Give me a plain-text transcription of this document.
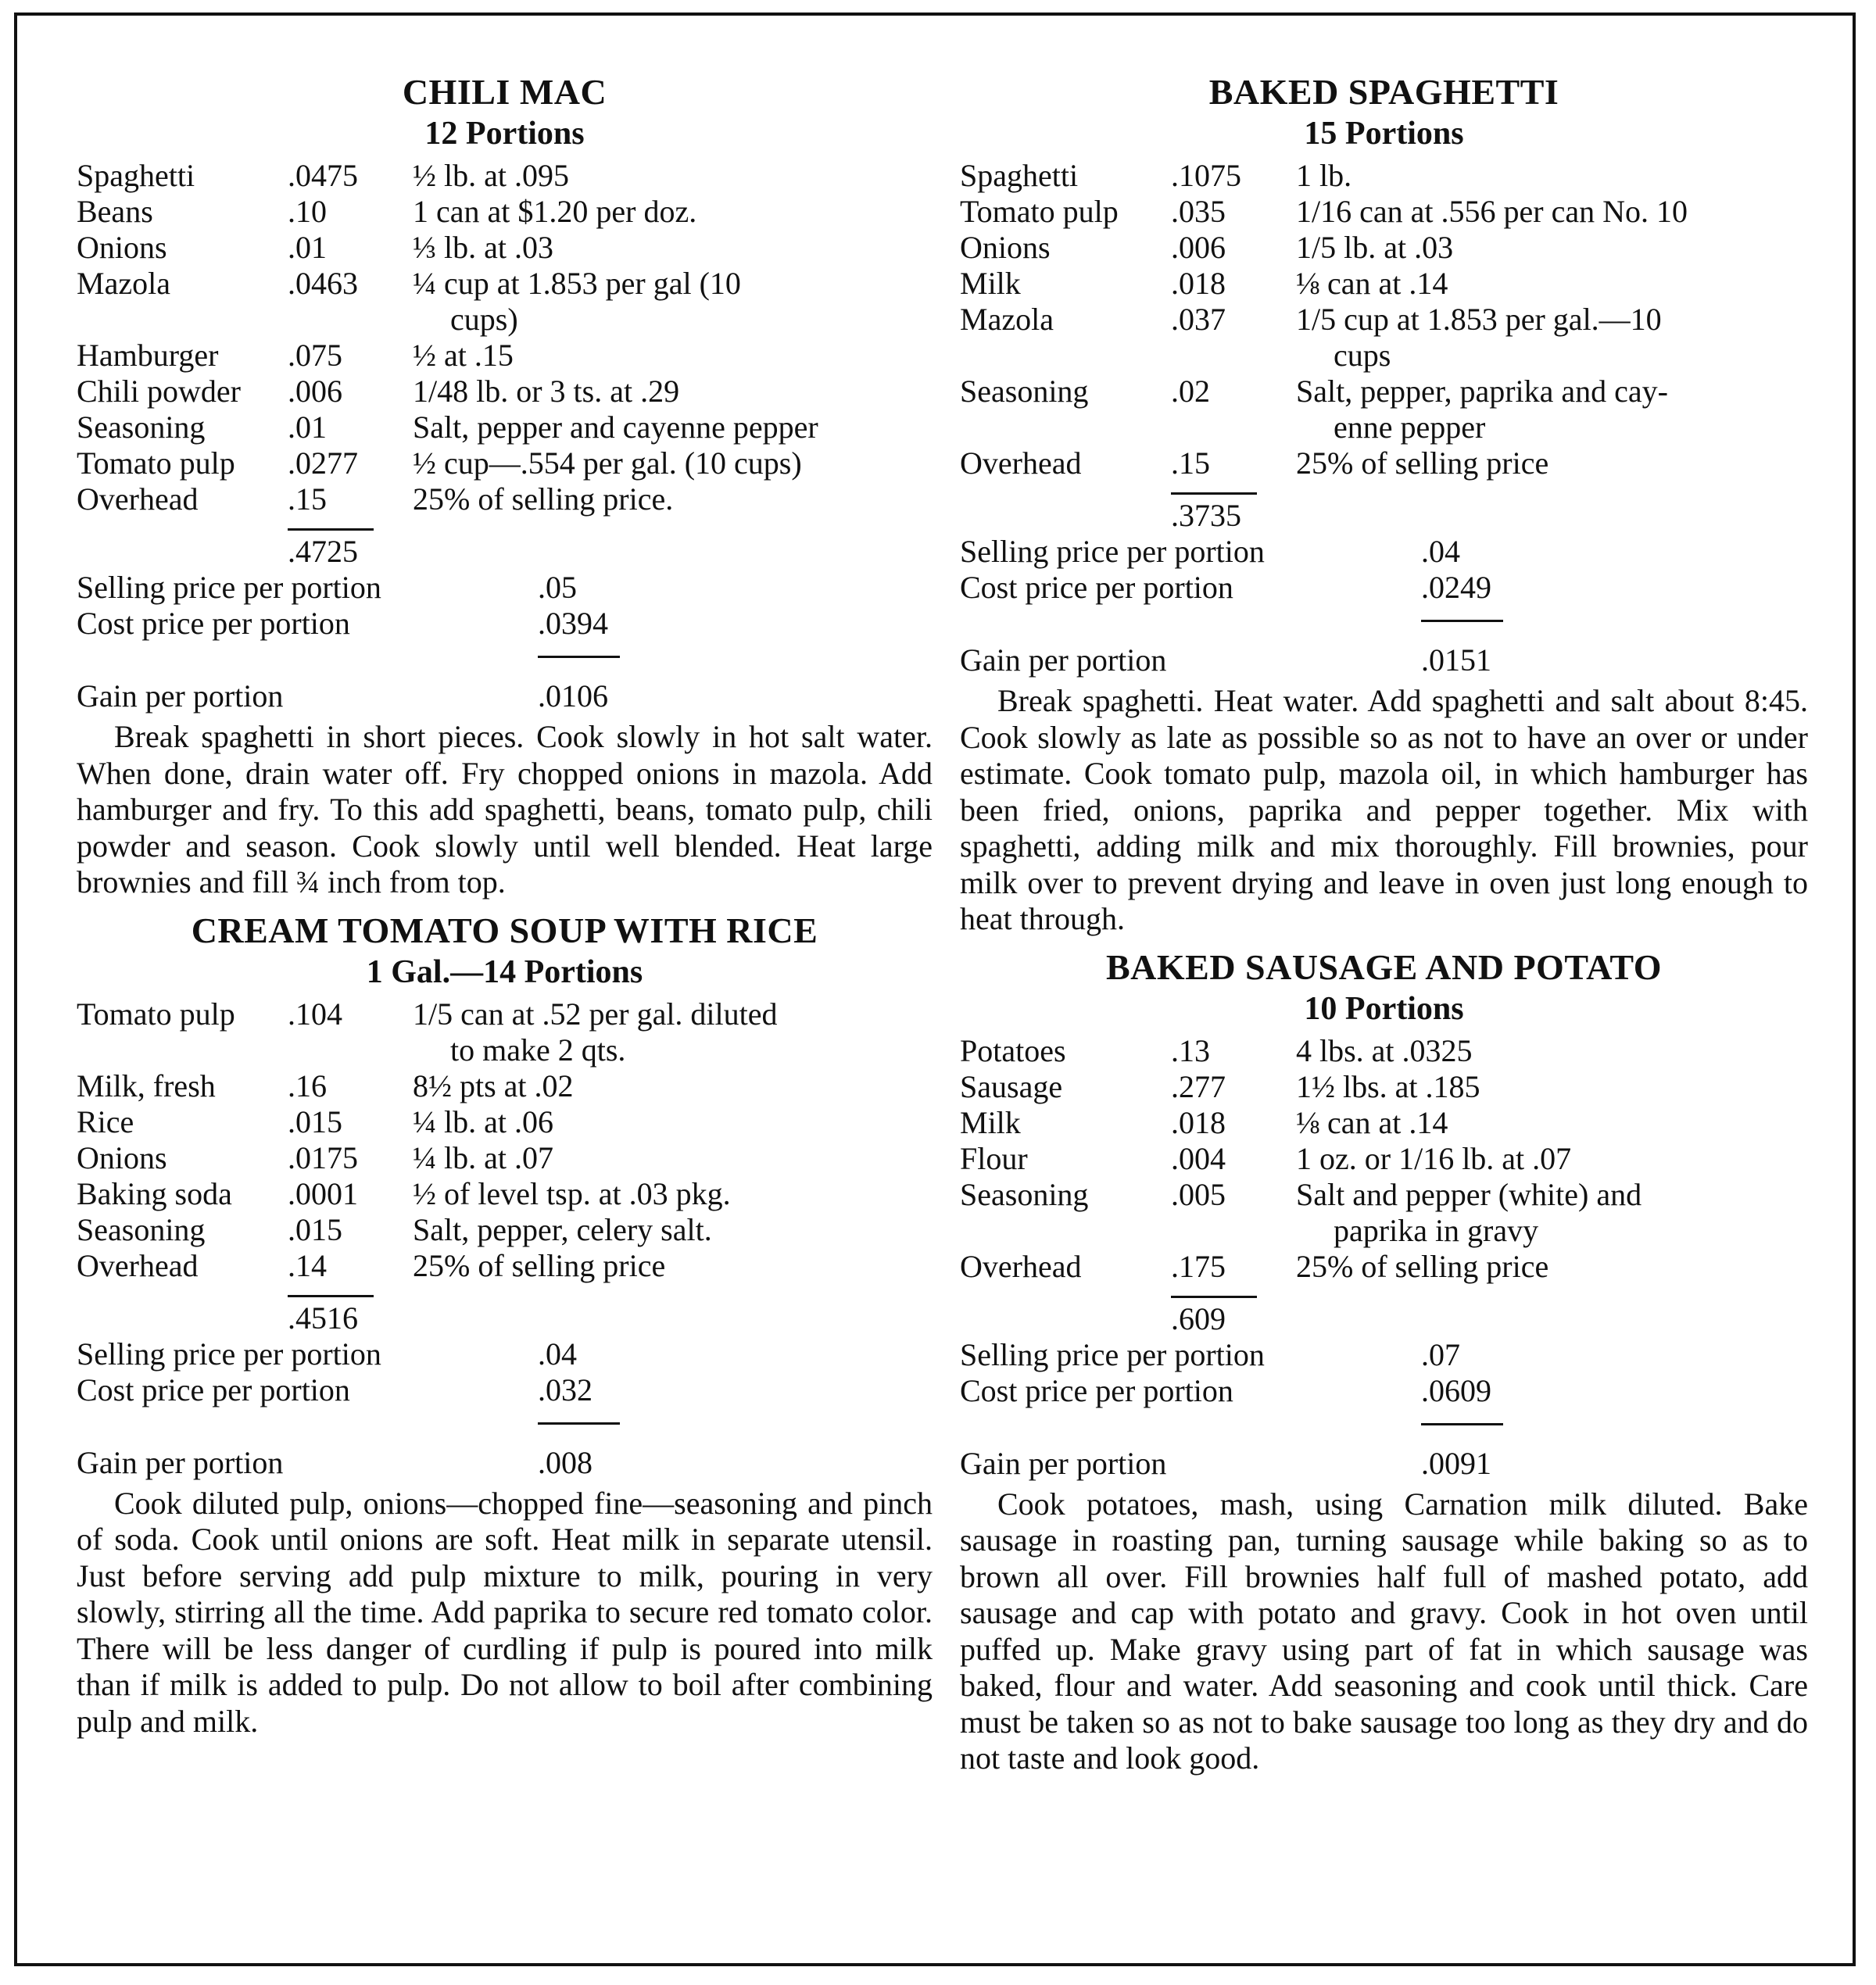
CHILI MAC
12 Portions
Spaghetti	.0475	½ lb. at .095
Beans	.10	1 can at $1.20 per doz.
Onions	.01	⅓ lb. at .03
Mazola	.0463	¼ cup at 1.853 per gal (10
cups)
Hamburger	.075	½ at .15
Chili powder	.006	1/48 lb. or 3 ts. at .29
Seasoning	.01	Salt, pepper and cayenne pepper
Tomato pulp	.0277	½ cup—.554 per gal. (10 cups)
Overhead	.15	25% of selling price.
.4725
Selling price per portion	.05
Cost price per portion	.0394
Gain per portion	.0106

Break spaghetti in short pieces. Cook slowly in hot salt water. When done, drain water off. Fry chopped onions in mazola. Add hamburger and fry. To this add spaghetti, beans, tomato pulp, chili powder and season. Cook slowly until well blended. Heat large brownies and fill ¾ inch from top.

CREAM TOMATO SOUP WITH RICE
1 Gal.—14 Portions
Tomato pulp	.104	1/5 can at .52 per gal. diluted
to make 2 qts.
Milk, fresh	.16	8½ pts at .02
Rice	.015	¼ lb. at .06
Onions	.0175	¼ lb. at .07
Baking soda	.0001	½ of level tsp. at .03 pkg.
Seasoning	.015	Salt, pepper, celery salt.
Overhead	.14	25% of selling price
.4516
Selling price per portion	.04
Cost price per portion	.032
Gain per portion	.008

Cook diluted pulp, onions—chopped fine—seasoning and pinch of soda. Cook until onions are soft. Heat milk in separate utensil. Just before serving add pulp mixture to milk, pouring in very slowly, stirring all the time. Add paprika to secure red tomato color. There will be less danger of curdling if pulp is poured into milk than if milk is added to pulp. Do not allow to boil after combining pulp and milk.

BAKED SPAGHETTI
15 Portions
Spaghetti	.1075	1 lb.
Tomato pulp	.035	1/16 can at .556 per can No. 10
Onions	.006	1/5 lb. at .03
Milk	.018	⅛ can at .14
Mazola	.037	1/5 cup at 1.853 per gal.—10
cups
Seasoning	.02	Salt, pepper, paprika and cay-
enne pepper
Overhead	.15	25% of selling price
.3735
Selling price per portion	.04
Cost price per portion	.0249
Gain per portion	.0151

Break spaghetti. Heat water. Add spaghetti and salt about 8:45. Cook slowly as late as possible so as not to have an over or under estimate. Cook tomato pulp, mazola oil, in which hamburger has been fried, onions, paprika and pepper together. Mix with spaghetti, adding milk and mix thoroughly. Fill brownies, pour milk over to prevent drying and leave in oven just long enough to heat through.

BAKED SAUSAGE AND POTATO
10 Portions
Potatoes	.13	4 lbs. at .0325
Sausage	.277	1½ lbs. at .185
Milk	.018	⅛ can at .14
Flour	.004	1 oz. or 1/16 lb. at .07
Seasoning	.005	Salt and pepper (white) and
paprika in gravy
Overhead	.175	25% of selling price
.609
Selling price per portion	.07
Cost price per portion	.0609
Gain per portion	.0091

Cook potatoes, mash, using Carnation milk diluted. Bake sausage in roasting pan, turning sausage while baking so as to brown all over. Fill brownies half full of mashed potato, add sausage and cap with potato and gravy. Cook in hot oven until puffed up. Make gravy using part of fat in which sausage was baked, flour and water. Add seasoning and cook until thick. Care must be taken so as not to bake sausage too long as they dry and do not taste and look good.
